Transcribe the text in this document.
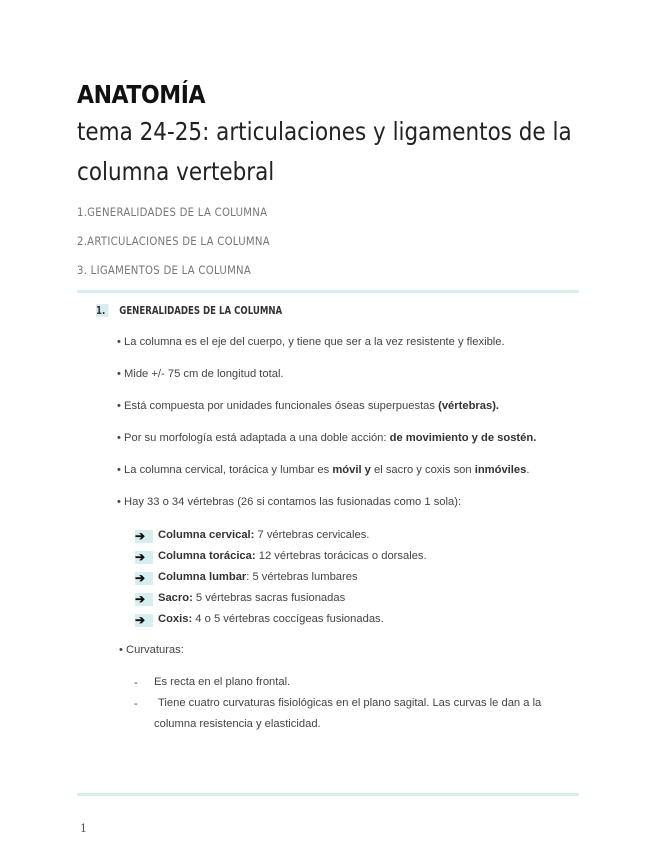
ANATOMÍA
tema 24-25: articulaciones y ligamentos de la
columna vertebral
1.GENERALIDADES DE LA COLUMNA
2.ARTICULACIONES DE LA COLUMNA
3. LIGAMENTOS DE LA COLUMNA
1. GENERALIDADES DE LA COLUMNA
• La columna es el eje del cuerpo, y tiene que ser a la vez resistente y flexible.
• Mide +/- 75 cm de longitud total.
• Está compuesta por unidades funcionales óseas superpuestas (vértebras).
• Por su morfología está adaptada a una doble acción: de movimiento y de sostén.
• La columna cervical, torácica y lumbar es móvil y el sacro y coxis son inmóviles.
• Hay 33 o 34 vértebras (26 si contamos las fusionadas como 1 sola):
➔ Columna cervical: 7 vértebras cervicales.
➔ Columna torácica: 12 vértebras torácicas o dorsales.
➔ Columna lumbar: 5 vértebras lumbares
➔ Sacro: 5 vértebras sacras fusionadas
➔ Coxis: 4 o 5 vértebras coccígeas fusionadas.
• Curvaturas:
- Es recta en el plano frontal.
-	Tiene cuatro curvaturas fisiológicas en el plano sagital. Las curvas le dan a la columna resistencia y elasticidad.
1
